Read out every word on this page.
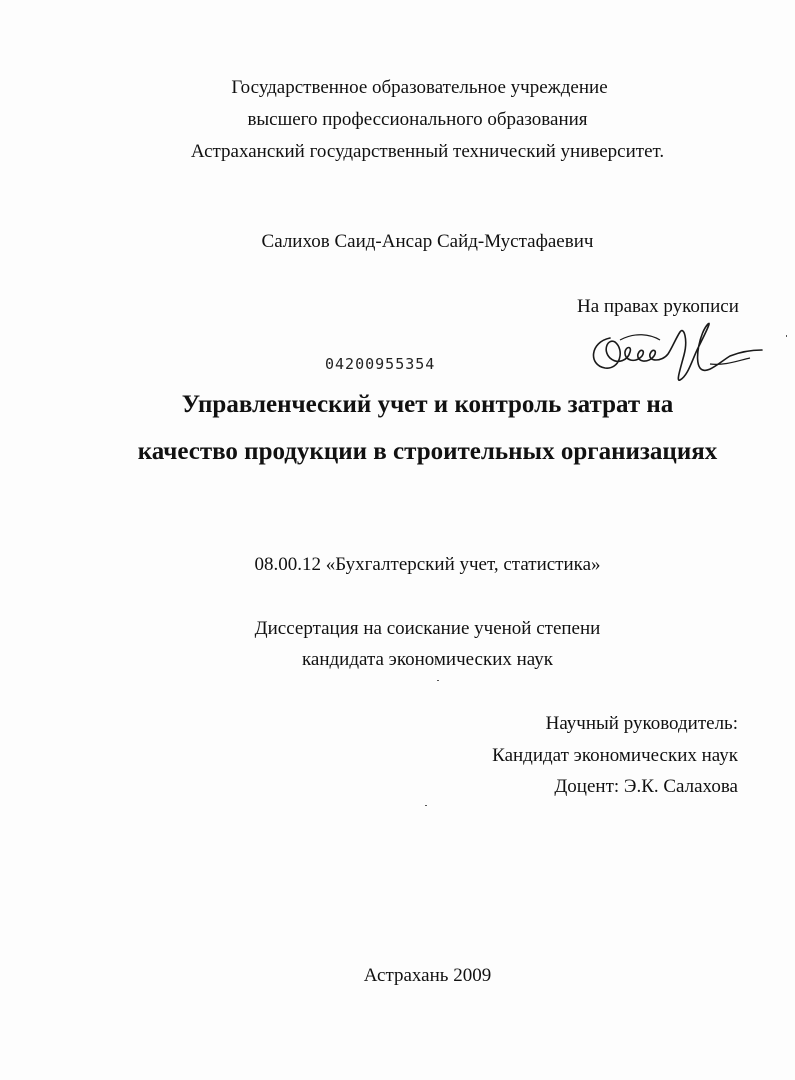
Государственное образовательное учреждение
высшего профессионального образования
Астраханский государственный технический университет.
Салихов Саид-Ансар Сайд-Мустафаевич
На правах рукописи
04200955354
Управленческий учет и контроль затрат на
качество продукции в строительных организациях
08.00.12 «Бухгалтерский учет, статистика»
Диссертация на соискание ученой степени
кандидата экономических наук
Научный руководитель:
Кандидат экономических наук
Доцент: Э.К. Салахова
Астрахань 2009
